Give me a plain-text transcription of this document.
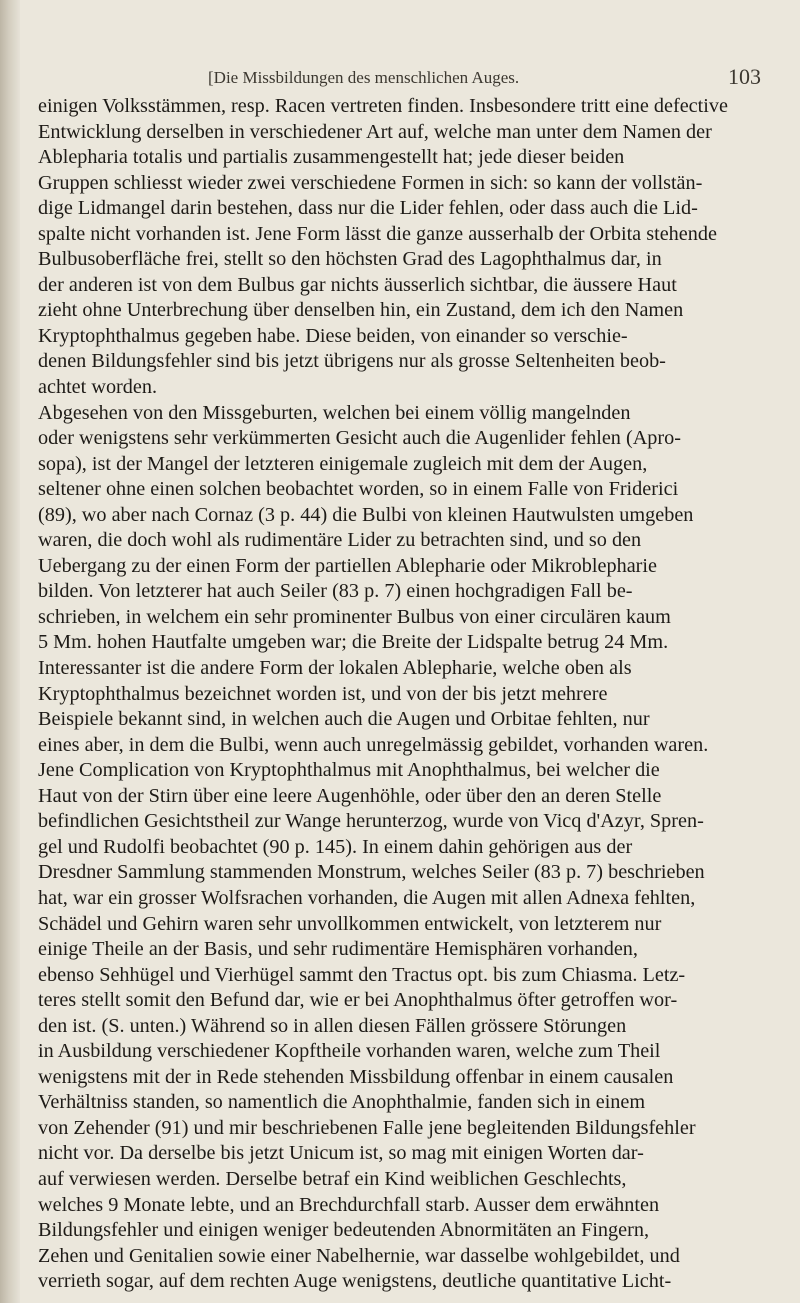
[Die Missbildungen des menschlichen Auges.	103
einigen Volksstämmen, resp. Racen vertreten finden. Insbesondere tritt eine defective
Entwicklung derselben in verschiedener Art auf, welche man unter dem Namen der
Ablepharia totalis und partialis zusammengestellt hat; jede dieser beiden
Gruppen schliesst wieder zwei verschiedene Formen in sich: so kann der vollstän-
dige Lidmangel darin bestehen, dass nur die Lider fehlen, oder dass auch die Lid-
spalte nicht vorhanden ist. Jene Form lässt die ganze ausserhalb der Orbita stehende
Bulbusoberfläche frei, stellt so den höchsten Grad des Lagophthalmus dar, in
der anderen ist von dem Bulbus gar nichts äusserlich sichtbar, die äussere Haut
zieht ohne Unterbrechung über denselben hin, ein Zustand, dem ich den Namen
Kryptophthalmus gegeben habe. Diese beiden, von einander so verschie-
denen Bildungsfehler sind bis jetzt übrigens nur als grosse Seltenheiten beob-
achtet worden.
Abgesehen von den Missgeburten, welchen bei einem völlig mangelnden
oder wenigstens sehr verkümmerten Gesicht auch die Augenlider fehlen (Apro-
sopa), ist der Mangel der letzteren einigemale zugleich mit dem der Augen,
seltener ohne einen solchen beobachtet worden, so in einem Falle von Friderici
(89), wo aber nach Cornaz (3 p. 44) die Bulbi von kleinen Hautwulsten umgeben
waren, die doch wohl als rudimentäre Lider zu betrachten sind, und so den
Uebergang zu der einen Form der partiellen Ablepharie oder Mikroblepharie
bilden. Von letzterer hat auch Seiler (83 p. 7) einen hochgradigen Fall be-
schrieben, in welchem ein sehr prominenter Bulbus von einer circulären kaum
5 Mm. hohen Hautfalte umgeben war; die Breite der Lidspalte betrug 24 Mm.
Interessanter ist die andere Form der lokalen Ablepharie, welche oben als
Kryptophthalmus bezeichnet worden ist, und von der bis jetzt mehrere
Beispiele bekannt sind, in welchen auch die Augen und Orbitae fehlten, nur
eines aber, in dem die Bulbi, wenn auch unregelmässig gebildet, vorhanden waren.
Jene Complication von Kryptophthalmus mit Anophthalmus, bei welcher die
Haut von der Stirn über eine leere Augenhöhle, oder über den an deren Stelle
befindlichen Gesichtstheil zur Wange herunterzog, wurde von Vicq d'Azyr, Spren-
gel und Rudolfi beobachtet (90 p. 145). In einem dahin gehörigen aus der
Dresdner Sammlung stammenden Monstrum, welches Seiler (83 p. 7) beschrieben
hat, war ein grosser Wolfsrachen vorhanden, die Augen mit allen Adnexa fehlten,
Schädel und Gehirn waren sehr unvollkommen entwickelt, von letzterem nur
einige Theile an der Basis, und sehr rudimentäre Hemisphären vorhanden,
ebenso Sehhügel und Vierhügel sammt den Tractus opt. bis zum Chiasma. Letz-
teres stellt somit den Befund dar, wie er bei Anophthalmus öfter getroffen wor-
den ist. (S. unten.) Während so in allen diesen Fällen grössere Störungen
in Ausbildung verschiedener Kopftheile vorhanden waren, welche zum Theil
wenigstens mit der in Rede stehenden Missbildung offenbar in einem causalen
Verhältniss standen, so namentlich die Anophthalmie, fanden sich in einem
von Zehender (91) und mir beschriebenen Falle jene begleitenden Bildungsfehler
nicht vor. Da derselbe bis jetzt Unicum ist, so mag mit einigen Worten dar-
auf verwiesen werden. Derselbe betraf ein Kind weiblichen Geschlechts,
welches 9 Monate lebte, und an Brechdurchfall starb. Ausser dem erwähnten
Bildungsfehler und einigen weniger bedeutenden Abnormitäten an Fingern,
Zehen und Genitalien sowie einer Nabelhernie, war dasselbe wohlgebildet, und
verrieth sogar, auf dem rechten Auge wenigstens, deutliche quantitative Licht-
